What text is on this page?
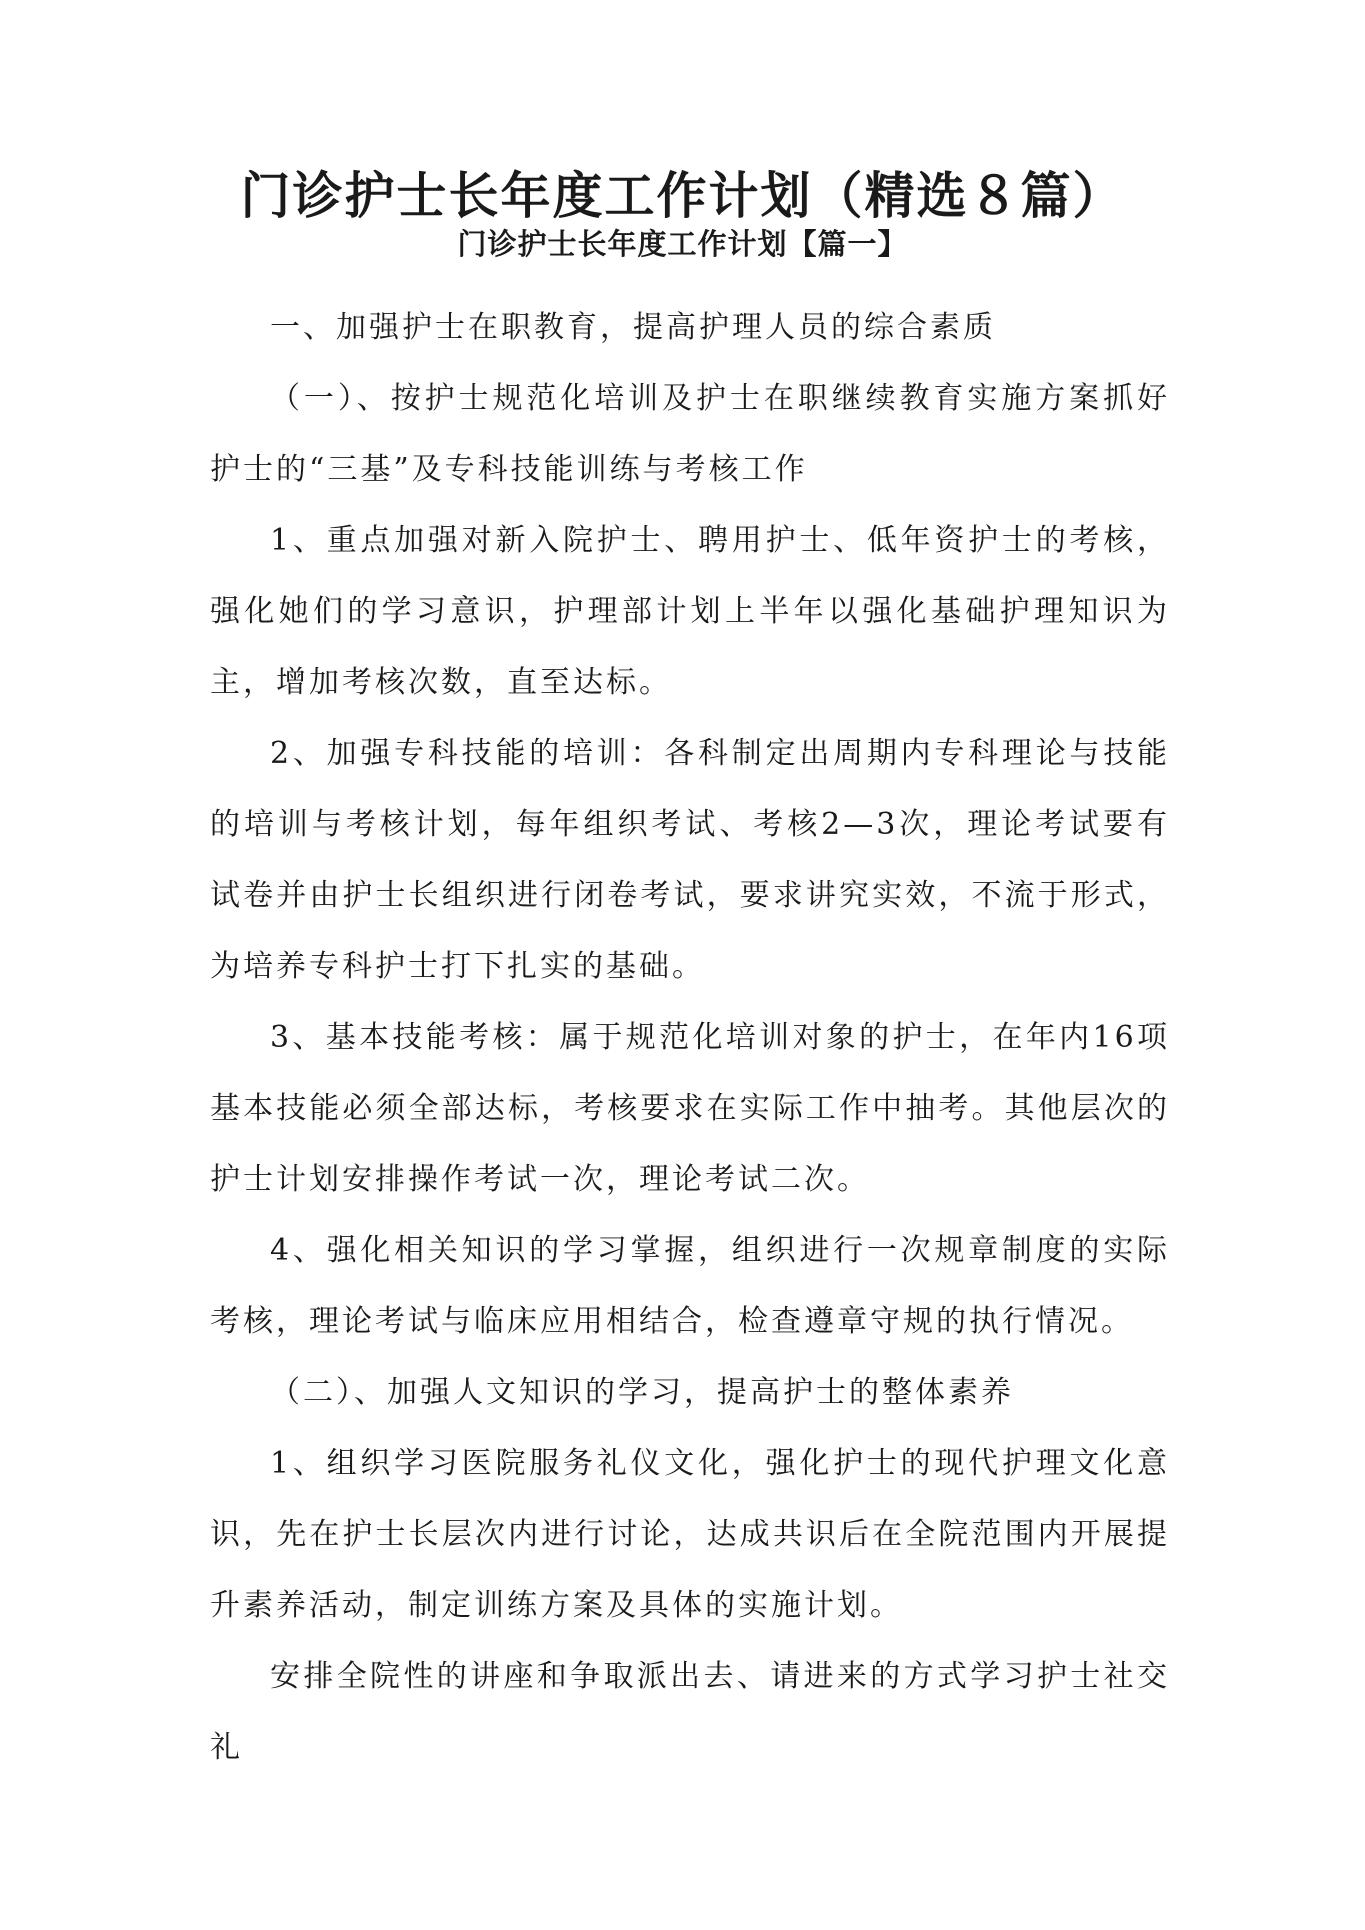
门诊护士长年度工作计划（精选８篇）
门诊护士长年度工作计划【篇一】

一、加强护士在职教育，提高护理人员的综合素质

（一）、按护士规范化培训及护士在职继续教育实施方案抓好护士的“三基”及专科技能训练与考核工作

1、重点加强对新入院护士、聘用护士、低年资护士的考核，强化她们的学习意识，护理部计划上半年以强化基础护理知识为主，增加考核次数，直至达标。

2、加强专科技能的培训：各科制定出周期内专科理论与技能的培训与考核计划，每年组织考试、考核2—3次，理论考试要有试卷并由护士长组织进行闭卷考试，要求讲究实效，不流于形式，为培养专科护士打下扎实的基础。

3、基本技能考核：属于规范化培训对象的护士，在年内16项基本技能必须全部达标，考核要求在实际工作中抽考。其他层次的护士计划安排操作考试一次，理论考试二次。

4、强化相关知识的学习掌握，组织进行一次规章制度的实际考核，理论考试与临床应用相结合，检查遵章守规的执行情况。

（二）、加强人文知识的学习，提高护士的整体素养

1、组织学习医院服务礼仪文化，强化护士的现代护理文化意识，先在护士长层次内进行讨论，达成共识后在全院范围内开展提升素养活动，制定训练方案及具体的实施计划。

安排全院性的讲座和争取派出去、请进来的方式学习护士社交礼
